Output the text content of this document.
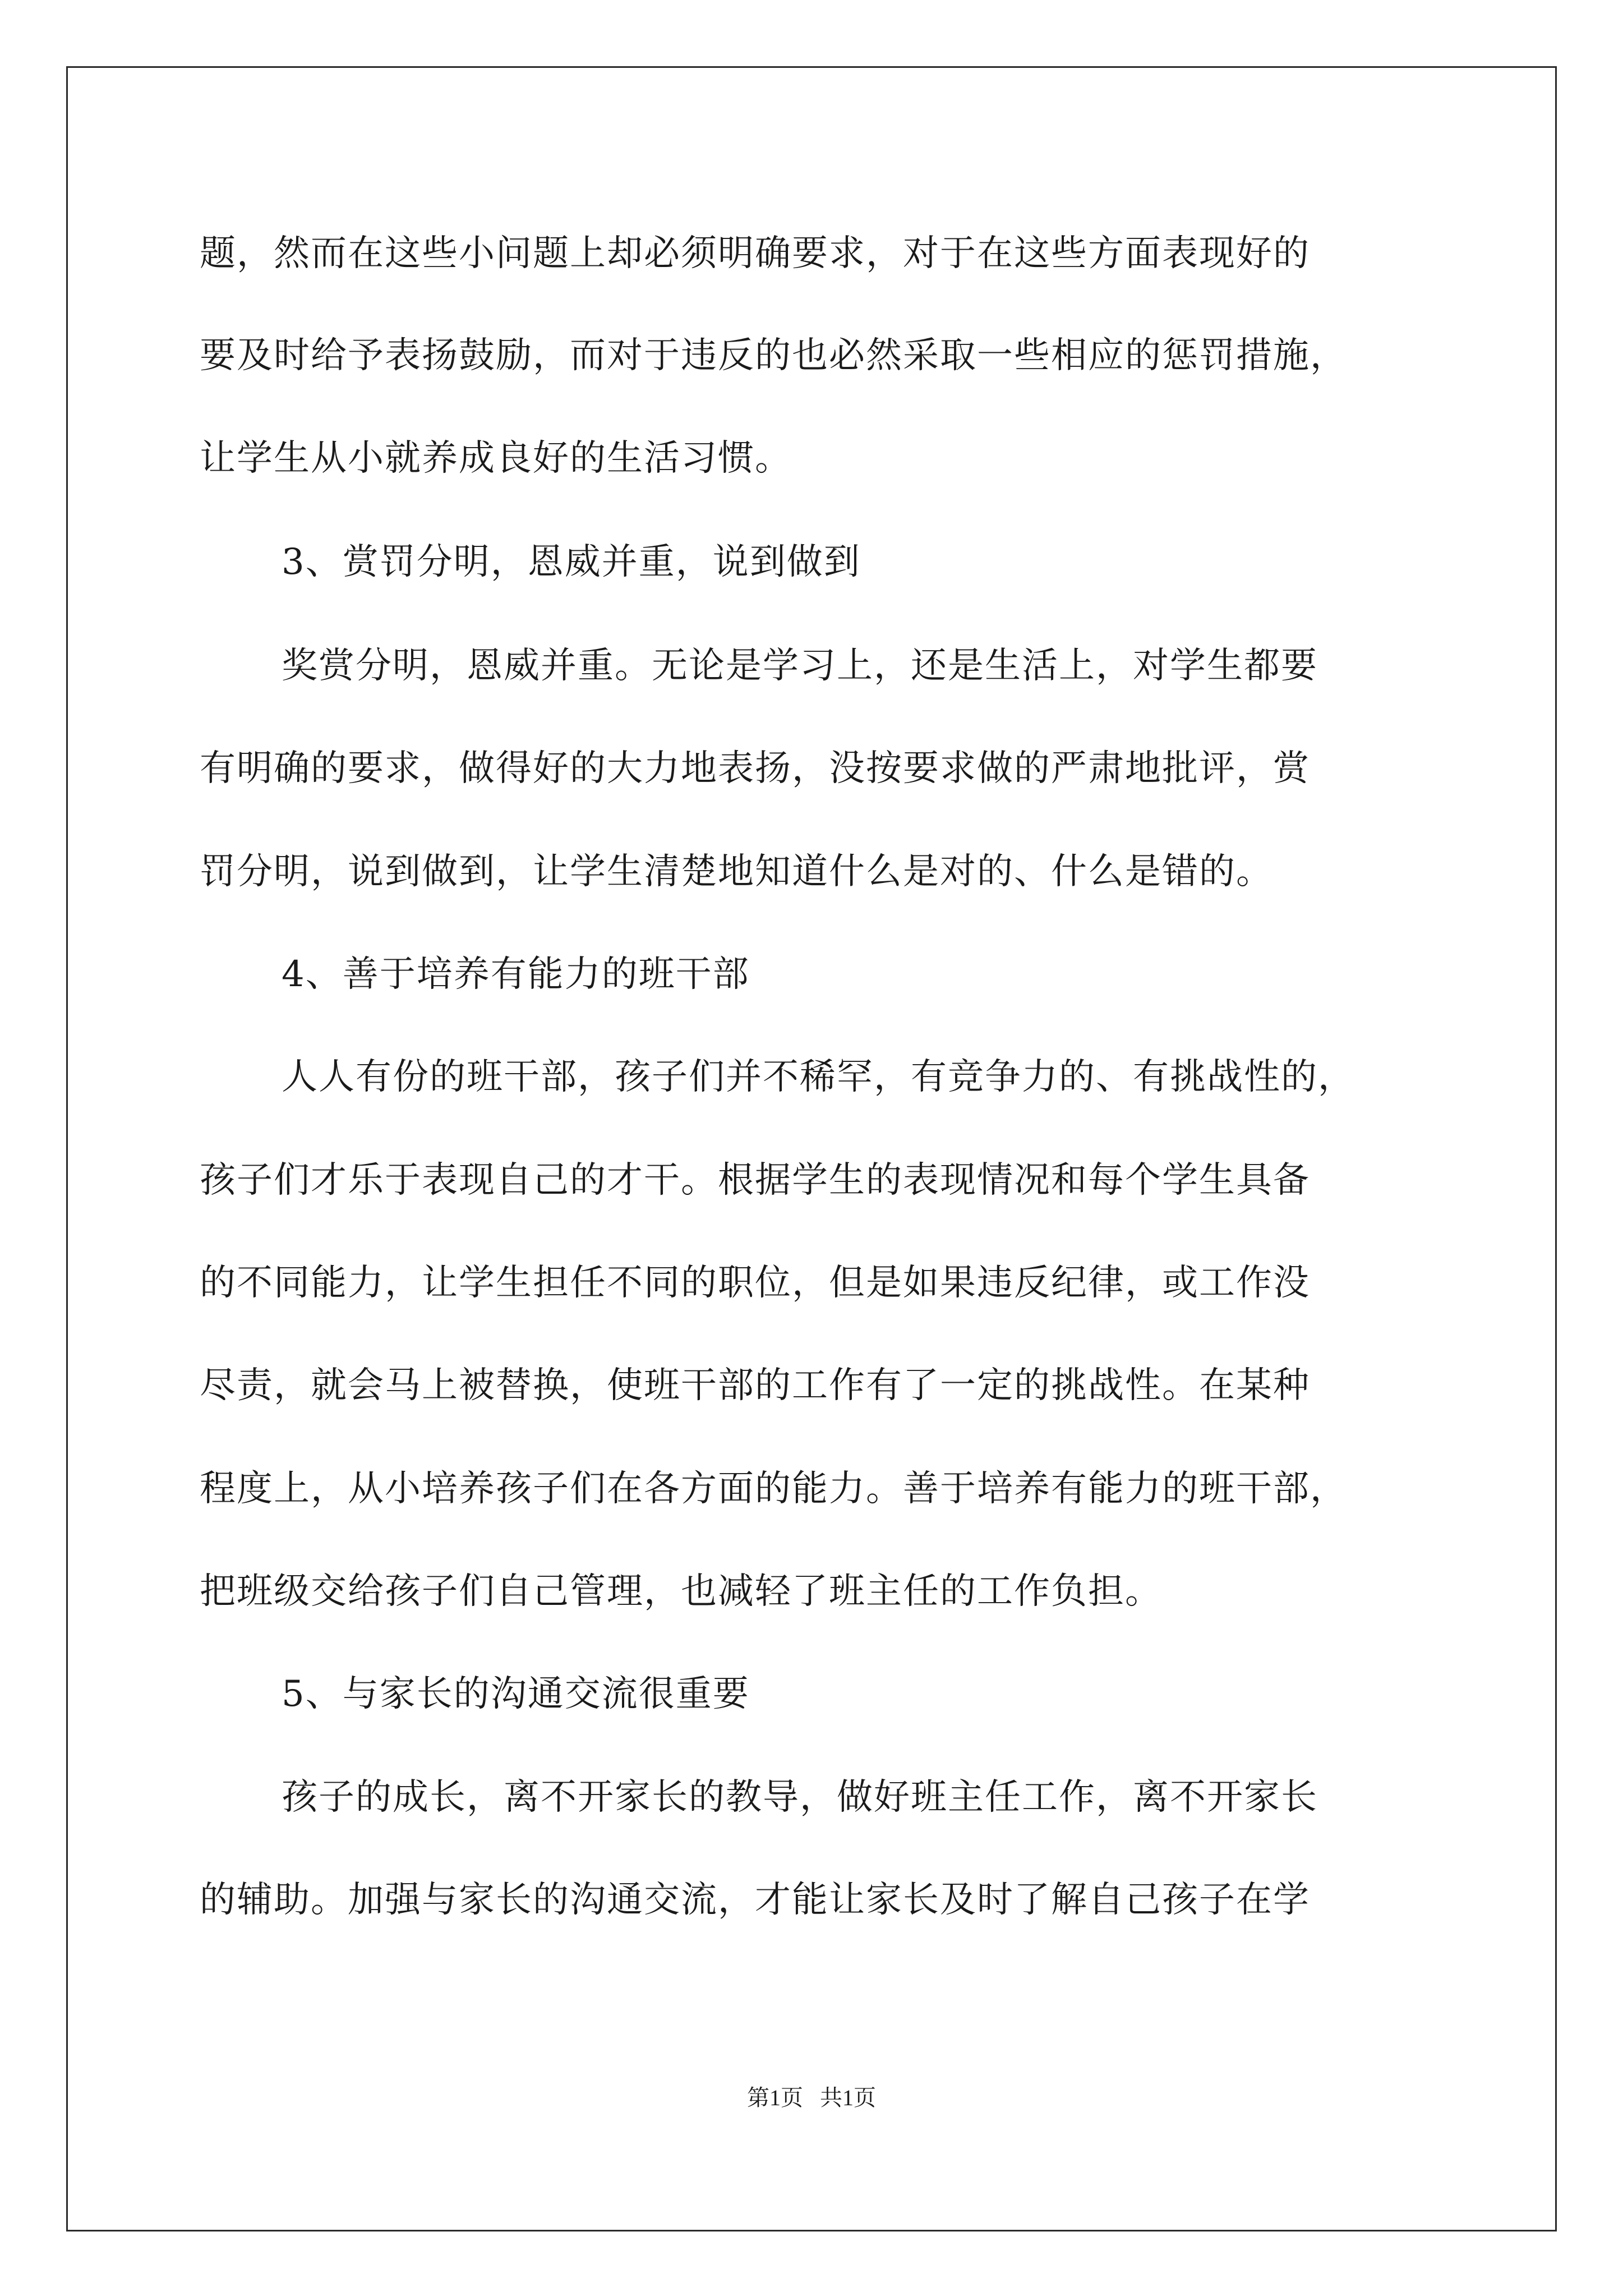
题，然而在这些小问题上却必须明确要求，对于在这些方面表现好的
要及时给予表扬鼓励，而对于违反的也必然采取一些相应的惩罚措施，
让学生从小就养成良好的生活习惯。
3、赏罚分明，恩威并重，说到做到
奖赏分明，恩威并重。无论是学习上，还是生活上，对学生都要
有明确的要求，做得好的大力地表扬，没按要求做的严肃地批评，赏
罚分明，说到做到，让学生清楚地知道什么是对的、什么是错的。
4、善于培养有能力的班干部
人人有份的班干部，孩子们并不稀罕，有竞争力的、有挑战性的，
孩子们才乐于表现自己的才干。根据学生的表现情况和每个学生具备
的不同能力，让学生担任不同的职位，但是如果违反纪律，或工作没
尽责，就会马上被替换，使班干部的工作有了一定的挑战性。在某种
程度上，从小培养孩子们在各方面的能力。善于培养有能力的班干部，
把班级交给孩子们自己管理，也减轻了班主任的工作负担。
5、与家长的沟通交流很重要
孩子的成长，离不开家长的教导，做好班主任工作，离不开家长
的辅助。加强与家长的沟通交流，才能让家长及时了解自己孩子在学
第1页   共1页
